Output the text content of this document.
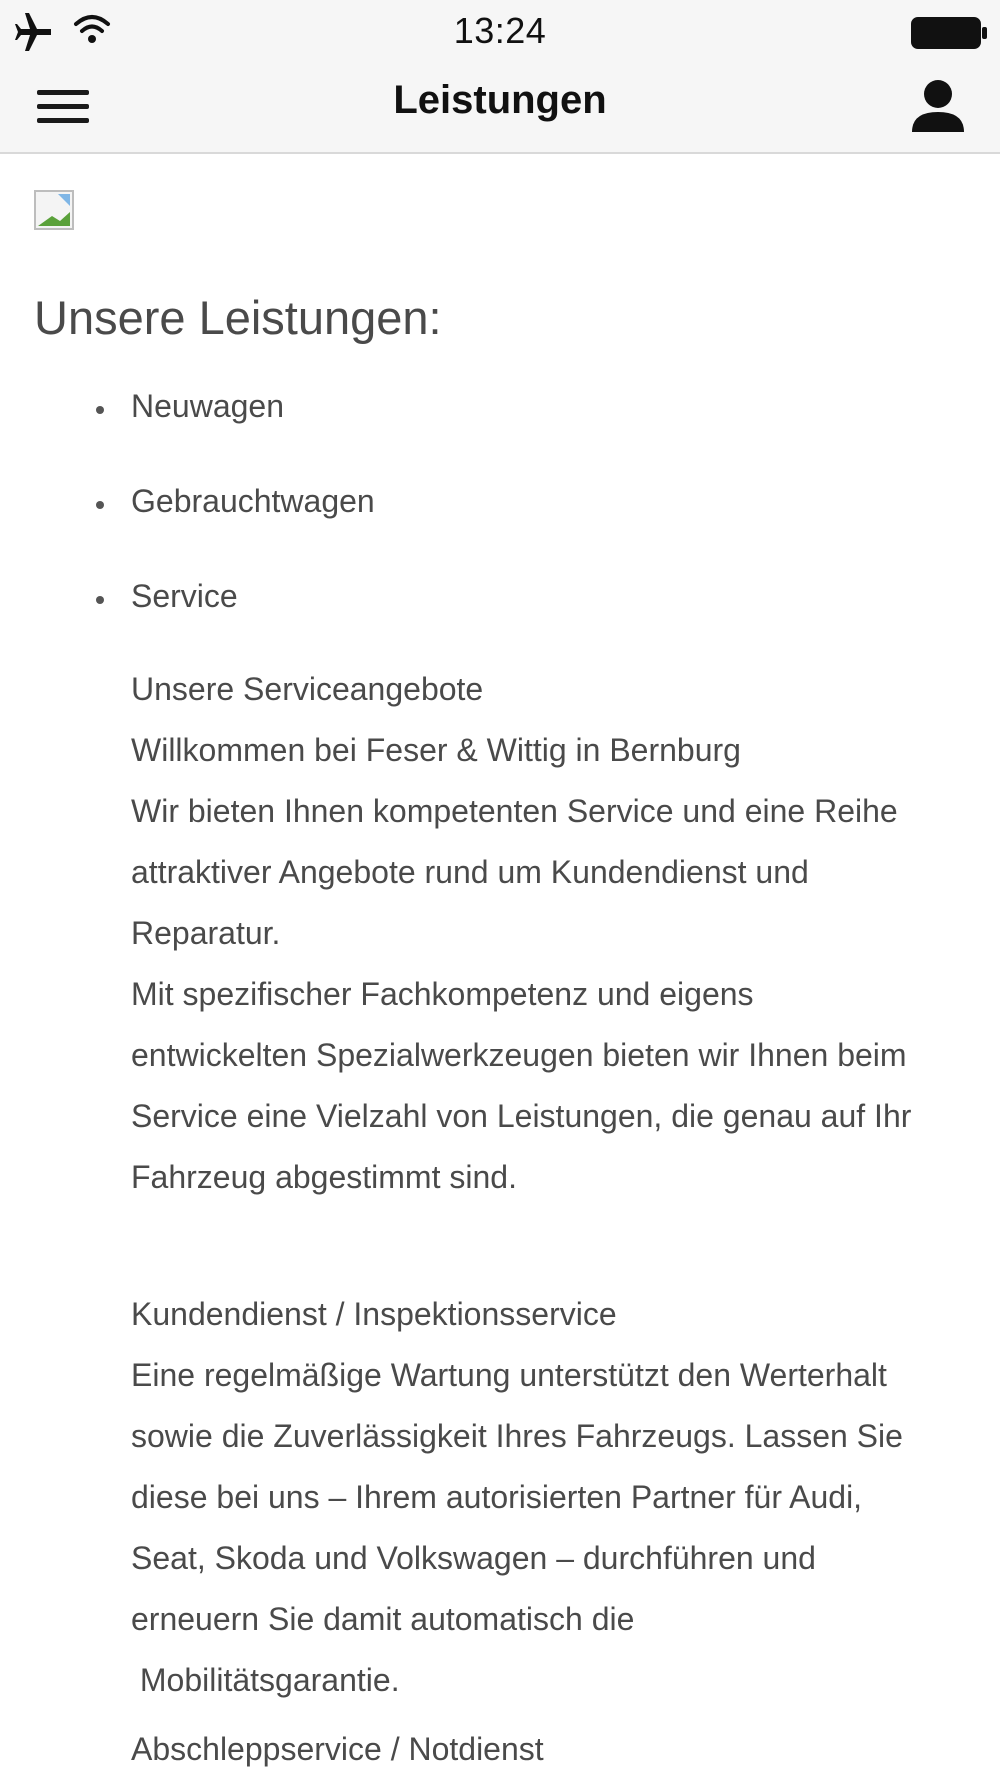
13:24
Leistungen
Unsere Leistungen:
Neuwagen
Gebrauchtwagen
Service
Unsere Serviceangebote
Willkommen bei Feser & Wittig in Bernburg
Wir bieten Ihnen kompetenten Service und eine Reihe
attraktiver Angebote rund um Kundendienst und
Reparatur.
Mit spezifischer Fachkompetenz und eigens
entwickelten Spezialwerkzeugen bieten wir Ihnen beim
Service eine Vielzahl von Leistungen, die genau auf Ihr
Fahrzeug abgestimmt sind.
Kundendienst / Inspektionsservice
Eine regelmäßige Wartung unterstützt den Werterhalt
sowie die Zuverlässigkeit Ihres Fahrzeugs. Lassen Sie
diese bei uns – Ihrem autorisierten Partner für Audi,
Seat, Skoda und Volkswagen – durchführen und
erneuern Sie damit automatisch die
Mobilitätsgarantie.
Abschleppservice / Notdienst
